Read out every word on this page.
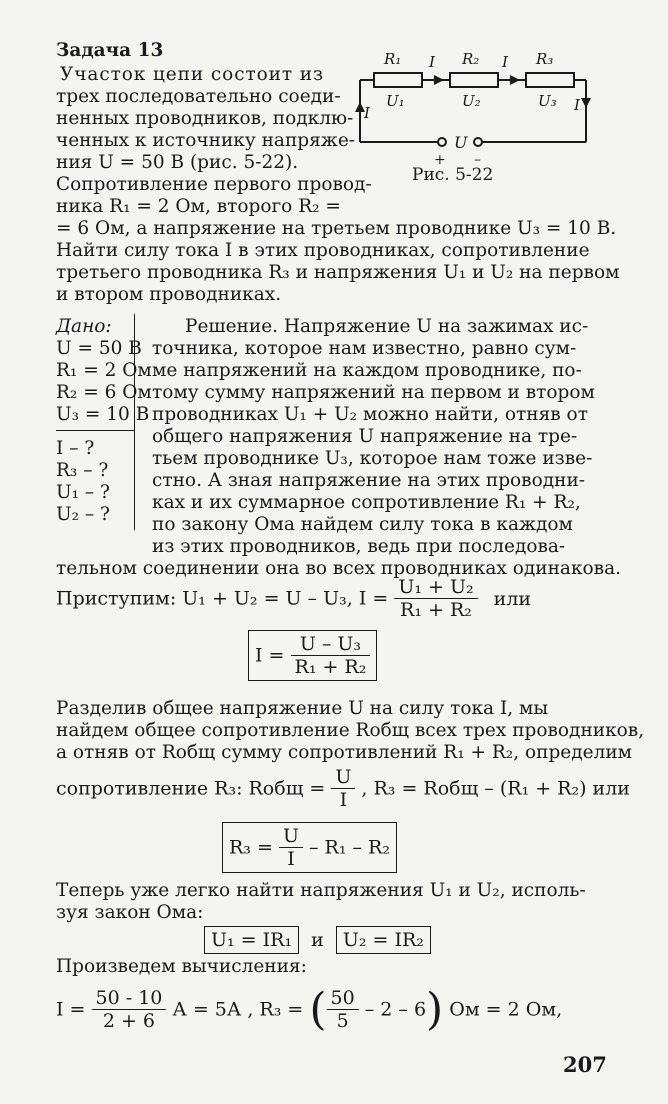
Задача 13
Участок цепи состоит из
трех последовательно соеди-
ненных проводников, подклю-
ченных к источнику напряже-
ния U = 50 В (рис. 5-22).
Сопротивление первого провод-
ника R₁ = 2 Ом, второго R₂ =
= 6 Ом, а напряжение на третьем проводнике U₃ = 10 В.
Найти силу тока I в этих проводниках, сопротивление
третьего проводника R₃ и напряжения U₁ и U₂ на первом
и втором проводниках.
R₁ I R₂ I R₃
U₁	U₂	U₃
I	I
U
+ –
Рис. 5-22
Дано:
U = 50 В
R₁ = 2 Ом
R₂ = 6 Ом
U₃ = 10 В
I – ?
R₃ – ?
U₁ – ?
U₂ – ?
Решение. Напряжение U на зажимах ис-
точника, которое нам известно, равно сум-
ме напряжений на каждом проводнике, по-
тому сумму напряжений на первом и втором
проводниках U₁ + U₂ можно найти, отняв от
общего напряжения U напряжение на тре-
тьем проводнике U₃, которое нам тоже изве-
стно. А зная напряжение на этих проводни-
ках и их суммарное сопротивление R₁ + R₂,
по закону Ома найдем силу тока в каждом
из этих проводников, ведь при последова-
тельном соединении она во всех проводниках одинакова.
Приступим: U₁ + U₂ = U – U₃, $I = \frac{\text{U₁ + U₂}}{\text{R₁ + R₂}}$ или
$I = \frac{\text{U – U₃}}{\text{R₁ + R₂}}$
Разделив общее напряжение U на силу тока I, мы
найдем общее сопротивление Rобщ всех трех проводников,
а отняв от Rобщ сумму сопротивлений R₁ + R₂, определим
сопротивление R₃: Rобщ = $\frac{U}{I}$ , R₃ = Rобщ – (R₁ + R₂) или
$R_3 = \frac{U}{I} - R_1 - R_2$
Теперь уже легко найти напряжения U₁ и U₂, исполь-
зуя закон Ома:
U₁ = IR₁ и U₂ = IR₂
Произведем вычисления:
$I = \frac{50 - 10}{2 + 6}$ А = 5А , R₃ = ( $\frac{50}{5} - 2 - 6$) Ом = 2 Ом,
207
